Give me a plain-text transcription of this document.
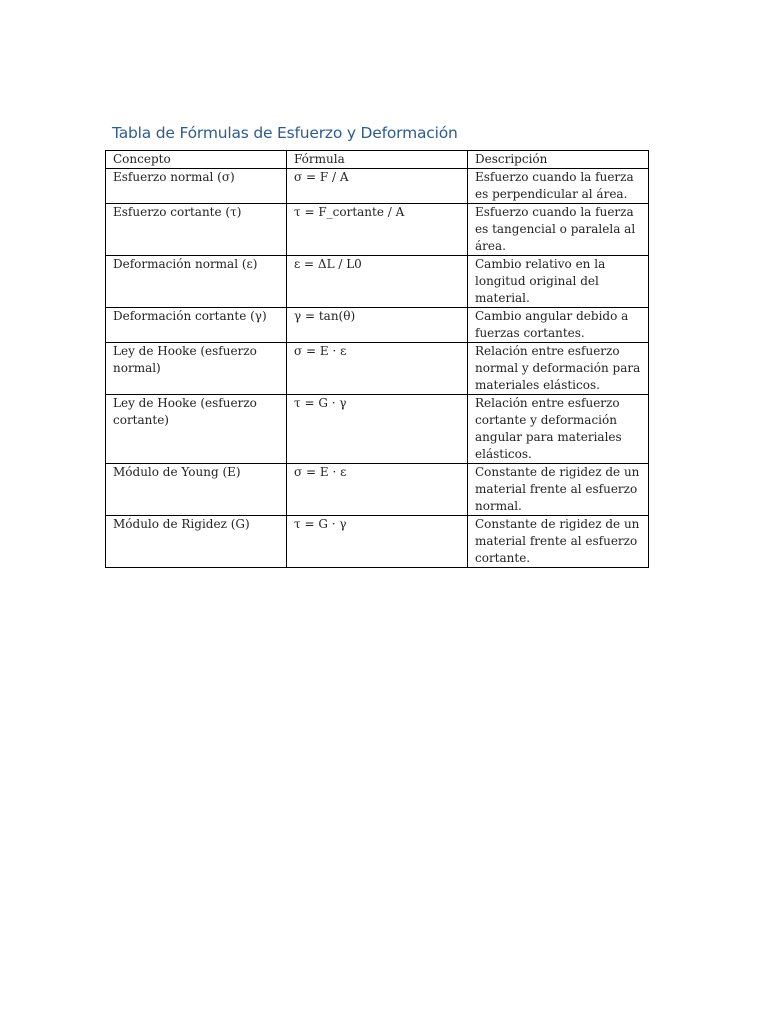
Tabla de Fórmulas de Esfuerzo y Deformación
Concepto	Fórmula	Descripción
Esfuerzo normal (σ)	σ = F / A	Esfuerzo cuando la fuerza es perpendicular al área.
Esfuerzo cortante (τ)	τ = F_cortante / A	Esfuerzo cuando la fuerza es tangencial o paralela al área.
Deformación normal (ε)	ε = ΔL / L0	Cambio relativo en la longitud original del material.
Deformación cortante (γ)	γ = tan(θ)	Cambio angular debido a fuerzas cortantes.
Ley de Hooke (esfuerzo normal)	σ = E · ε	Relación entre esfuerzo normal y deformación para materiales elásticos.
Ley de Hooke (esfuerzo cortante)	τ = G · γ	Relación entre esfuerzo cortante y deformación angular para materiales elásticos.
Módulo de Young (E)	σ = E · ε	Constante de rigidez de un material frente al esfuerzo normal.
Módulo de Rigidez (G)	τ = G · γ	Constante de rigidez de un material frente al esfuerzo cortante.
